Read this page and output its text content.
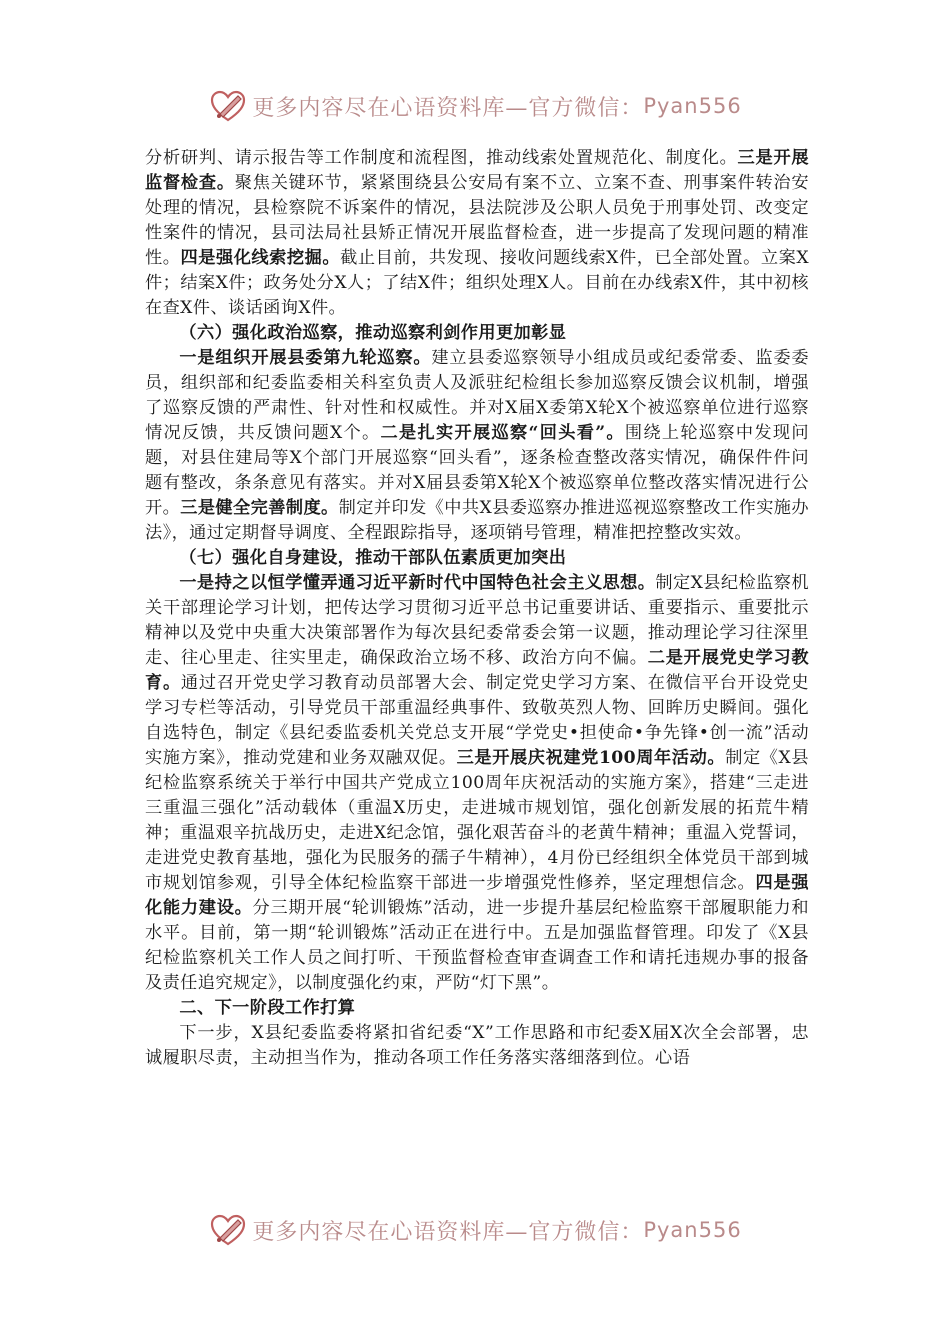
更多内容尽在心语资料库—官方微信： Pyan556

分析研判、请示报告等工作制度和流程图，推动线索处置规范化、制度化。三是开展监督检查。聚焦关键环节，紧紧围绕县公安局有案不立、立案不查、刑事案件转治安处理的情况，县检察院不诉案件的情况，县法院涉及公职人员免于刑事处罚、改变定性案件的情况，县司法局社县矫正情况开展监督检查，进一步提高了发现问题的精准性。四是强化线索挖掘。截止目前，共发现、接收问题线索X件，已全部处置。立案X件；结案X件；政务处分X人；了结X件；组织处理X人。目前在办线索X件，其中初核在查X件、谈话函询X件。

（六）强化政治巡察，推动巡察利剑作用更加彰显

一是组织开展县委第九轮巡察。建立县委巡察领导小组成员或纪委常委、监委委员，组织部和纪委监委相关科室负责人及派驻纪检组长参加巡察反馈会议机制，增强了巡察反馈的严肃性、针对性和权威性。并对X届X委第X轮X个被巡察单位进行巡察情况反馈，共反馈问题X个。二是扎实开展巡察“回头看”。围绕上轮巡察中发现问题，对县住建局等X个部门开展巡察“回头看”，逐条检查整改落实情况，确保件件问题有整改，条条意见有落实。并对X届县委第X轮X个被巡察单位整改落实情况进行公开。三是健全完善制度。制定并印发《中共X县委巡察办推进巡视巡察整改工作实施办法》，通过定期督导调度、全程跟踪指导，逐项销号管理，精准把控整改实效。

（七）强化自身建设，推动干部队伍素质更加突出

一是持之以恒学懂弄通习近平新时代中国特色社会主义思想。制定X县纪检监察机关干部理论学习计划，把传达学习贯彻习近平总书记重要讲话、重要指示、重要批示精神以及党中央重大决策部署作为每次县纪委常委会第一议题，推动理论学习往深里走、往心里走、往实里走，确保政治立场不移、政治方向不偏。二是开展党史学习教育。通过召开党史学习教育动员部署大会、制定党史学习方案、在微信平台开设党史学习专栏等活动，引导党员干部重温经典事件、致敬英烈人物、回眸历史瞬间。强化自选特色，制定《县纪委监委机关党总支开展“学党史•担使命•争先锋•创一流”活动实施方案》，推动党建和业务双融双促。三是开展庆祝建党100周年活动。制定《X县纪检监察系统关于举行中国共产党成立100周年庆祝活动的实施方案》，搭建“三走进三重温三强化”活动载体（重温X历史，走进城市规划馆，强化创新发展的拓荒牛精神；重温艰辛抗战历史，走进X纪念馆，强化艰苦奋斗的老黄牛精神；重温入党誓词，走进党史教育基地，强化为民服务的孺子牛精神），4月份已经组织全体党员干部到城市规划馆参观，引导全体纪检监察干部进一步增强党性修养，坚定理想信念。四是强化能力建设。分三期开展“轮训锻炼”活动，进一步提升基层纪检监察干部履职能力和水平。目前，第一期“轮训锻炼”活动正在进行中。五是加强监督管理。印发了《X县纪检监察机关工作人员之间打听、干预监督检查审查调查工作和请托违规办事的报备及责任追究规定》，以制度强化约束，严防“灯下黑”。

二、下一阶段工作打算

下一步，X县纪委监委将紧扣省纪委“X”工作思路和市纪委X届X次全会部署，忠诚履职尽责，主动担当作为，推动各项工作任务落实落细落到位。心语

更多内容尽在心语资料库—官方微信： Pyan556
